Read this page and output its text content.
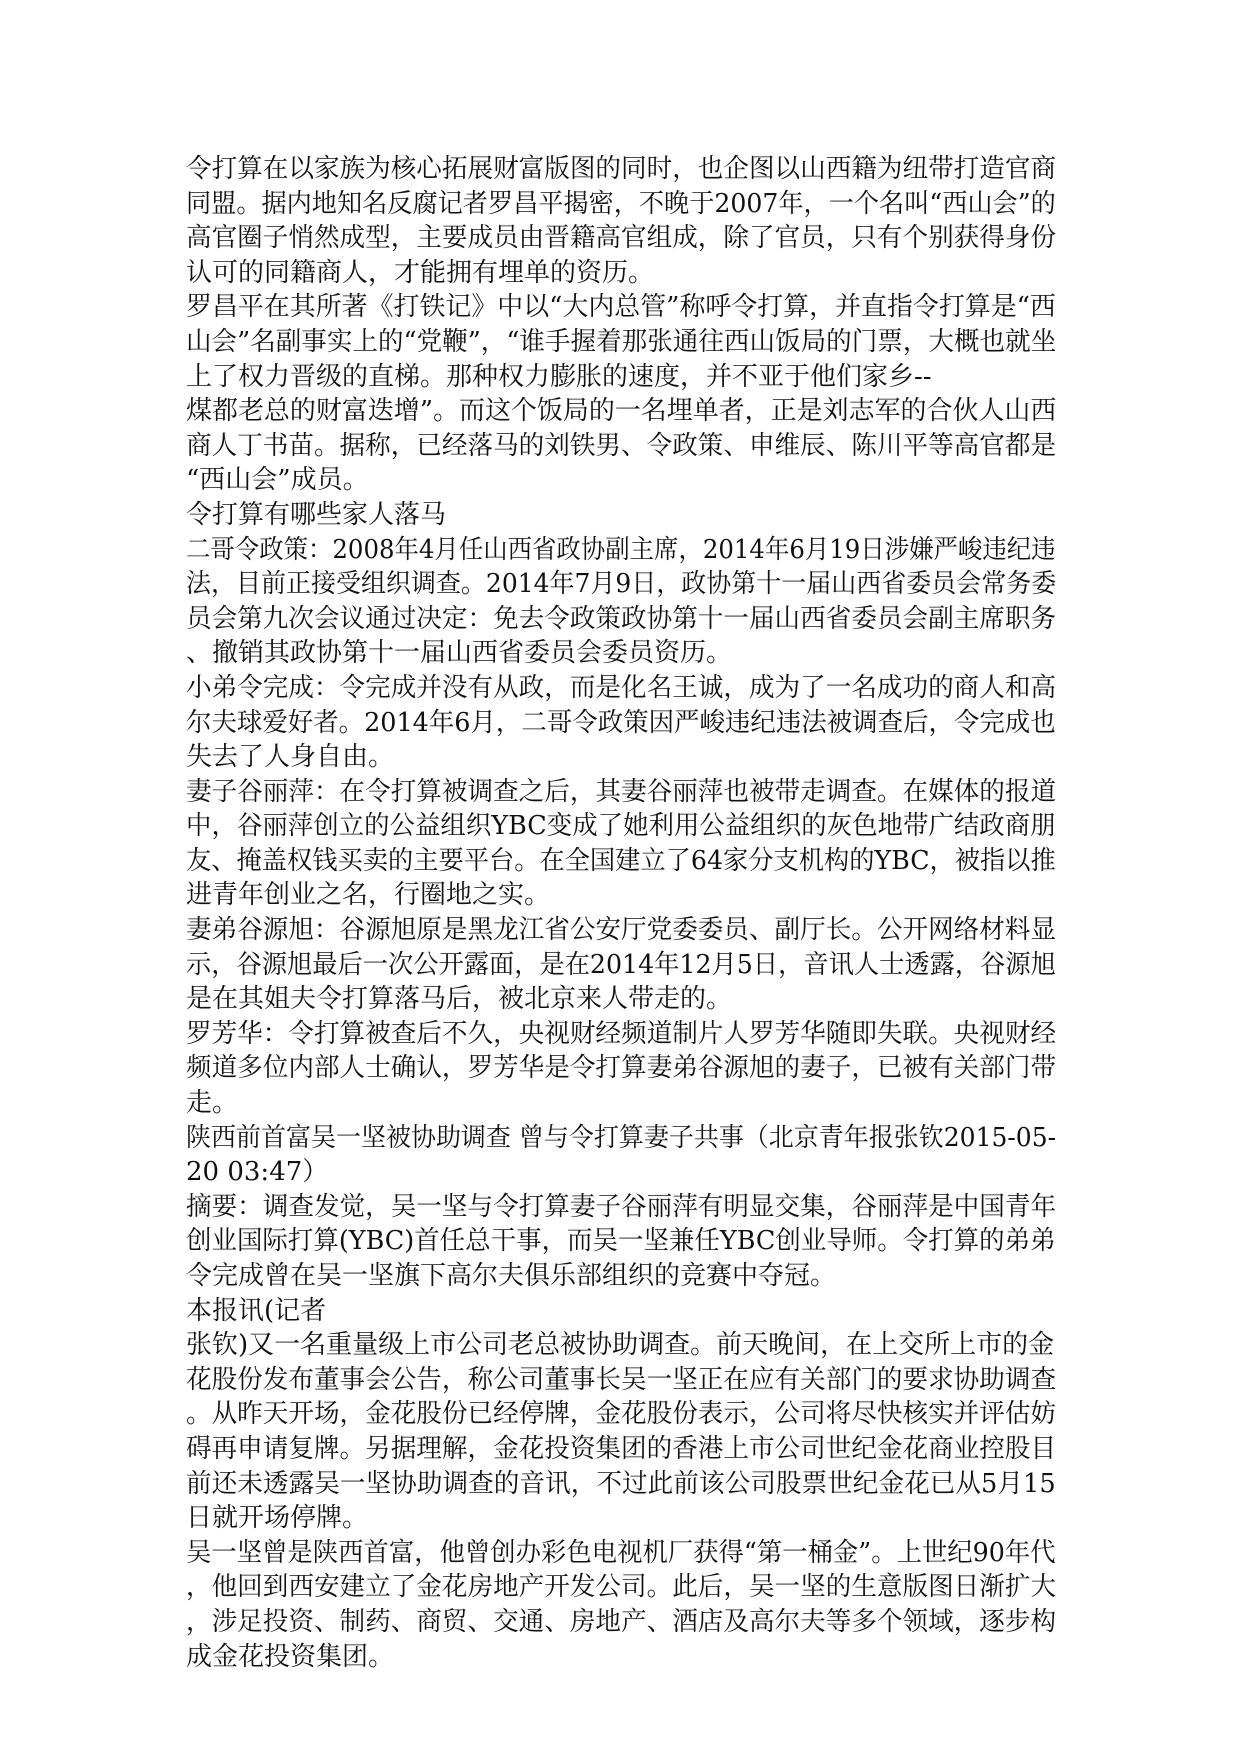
令打算在以家族为核心拓展财富版图的同时，也企图以山西籍为纽带打造官商
同盟。据内地知名反腐记者罗昌平揭密，不晚于2007年，一个名叫“西山会”的
高官圈子悄然成型，主要成员由晋籍高官组成，除了官员，只有个别获得身份
认可的同籍商人，才能拥有埋单的资历。
罗昌平在其所著《打铁记》中以“大内总管”称呼令打算，并直指令打算是“西
山会”名副事实上的“党鞭”，“谁手握着那张通往西山饭局的门票，大概也就坐
上了权力晋级的直梯。那种权力膨胀的速度，并不亚于他们家乡--
煤都老总的财富迭增”。而这个饭局的一名埋单者，正是刘志军的合伙人山西
商人丁书苗。据称，已经落马的刘铁男、令政策、申维辰、陈川平等高官都是
“西山会”成员。
令打算有哪些家人落马
二哥令政策：2008年4月任山西省政协副主席，2014年6月19日涉嫌严峻违纪违
法，目前正接受组织调查。2014年7月9日，政协第十一届山西省委员会常务委
员会第九次会议通过决定：免去令政策政协第十一届山西省委员会副主席职务
、撤销其政协第十一届山西省委员会委员资历。
小弟令完成：令完成并没有从政，而是化名王诚，成为了一名成功的商人和高
尔夫球爱好者。2014年6月，二哥令政策因严峻违纪违法被调查后，令完成也
失去了人身自由。
妻子谷丽萍：在令打算被调查之后，其妻谷丽萍也被带走调查。在媒体的报道
中，谷丽萍创立的公益组织YBC变成了她利用公益组织的灰色地带广结政商朋
友、掩盖权钱买卖的主要平台。在全国建立了64家分支机构的YBC，被指以推
进青年创业之名，行圈地之实。
妻弟谷源旭：谷源旭原是黑龙江省公安厅党委委员、副厅长。公开网络材料显
示，谷源旭最后一次公开露面，是在2014年12月5日，音讯人士透露，谷源旭
是在其姐夫令打算落马后，被北京来人带走的。
罗芳华：令打算被查后不久，央视财经频道制片人罗芳华随即失联。央视财经
频道多位内部人士确认，罗芳华是令打算妻弟谷源旭的妻子，已被有关部门带
走。
陕西前首富吴一坚被协助调查 曾与令打算妻子共事（北京青年报张钦2015-05-
20 03:47）
摘要：调查发觉，吴一坚与令打算妻子谷丽萍有明显交集，谷丽萍是中国青年
创业国际打算(YBC)首任总干事，而吴一坚兼任YBC创业导师。令打算的弟弟
令完成曾在吴一坚旗下高尔夫俱乐部组织的竞赛中夺冠。
本报讯(记者
张钦)又一名重量级上市公司老总被协助调查。前天晚间，在上交所上市的金
花股份发布董事会公告，称公司董事长吴一坚正在应有关部门的要求协助调查
。从昨天开场，金花股份已经停牌，金花股份表示，公司将尽快核实并评估妨
碍再申请复牌。另据理解，金花投资集团的香港上市公司世纪金花商业控股目
前还未透露吴一坚协助调查的音讯，不过此前该公司股票世纪金花已从5月15
日就开场停牌。
吴一坚曾是陕西首富，他曾创办彩色电视机厂获得“第一桶金”。上世纪90年代
，他回到西安建立了金花房地产开发公司。此后，吴一坚的生意版图日渐扩大
，涉足投资、制药、商贸、交通、房地产、酒店及高尔夫等多个领域，逐步构
成金花投资集团。
